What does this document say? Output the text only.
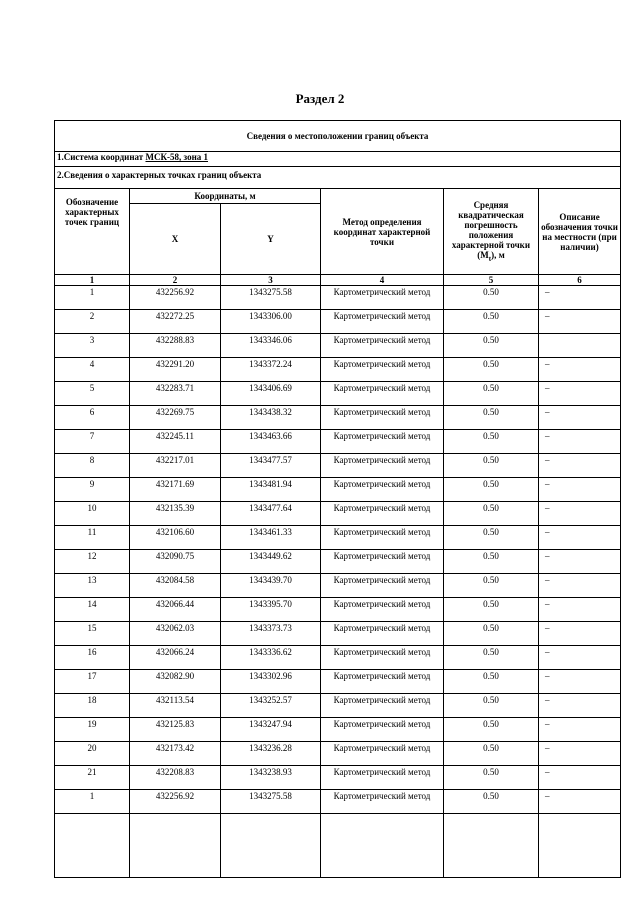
Раздел 2
Сведения о местоположении границ объекта					
1.Система координат МСК-58, зона 1					
2.Сведения о характерных точках границ объекта					
Обозначение характерных точек границ	Координаты, м		Метод определения координат характерной точки	Средняя квадратическая погрешность положения характерной точки $(M_t)$, м	Описание обозначения точки на местности (при наличии)
	X	Y			
1	2	3	4	5	6
1	432256.92	1343275.58	Картометрический метод	0.50	–
2	432272.25	1343306.00	Картометрический метод	0.50	–
3	432288.83	1343346.06	Картометрический метод	0.50	
4	432291.20	1343372.24	Картометрический метод	0.50	–
5	432283.71	1343406.69	Картометрический метод	0.50	–
6	432269.75	1343438.32	Картометрический метод	0.50	–
7	432245.11	1343463.66	Картометрический метод	0.50	–
8	432217.01	1343477.57	Картометрический метод	0.50	–
9	432171.69	1343481.94	Картометрический метод	0.50	–
10	432135.39	1343477.64	Картометрический метод	0.50	–
11	432106.60	1343461.33	Картометрический метод	0.50	–
12	432090.75	1343449.62	Картометрический метод	0.50	–
13	432084.58	1343439.70	Картометрический метод	0.50	–
14	432066.44	1343395.70	Картометрический метод	0.50	–
15	432062.03	1343373.73	Картометрический метод	0.50	–
16	432066.24	1343336.62	Картометрический метод	0.50	–
17	432082.90	1343302.96	Картометрический метод	0.50	–
18	432113.54	1343252.57	Картометрический метод	0.50	–
19	432125.83	1343247.94	Картометрический метод	0.50	–
20	432173.42	1343236.28	Картометрический метод	0.50	–
21	432208.83	1343238.93	Картометрический метод	0.50	–
1	432256.92	1343275.58	Картометрический метод	0.50	–
